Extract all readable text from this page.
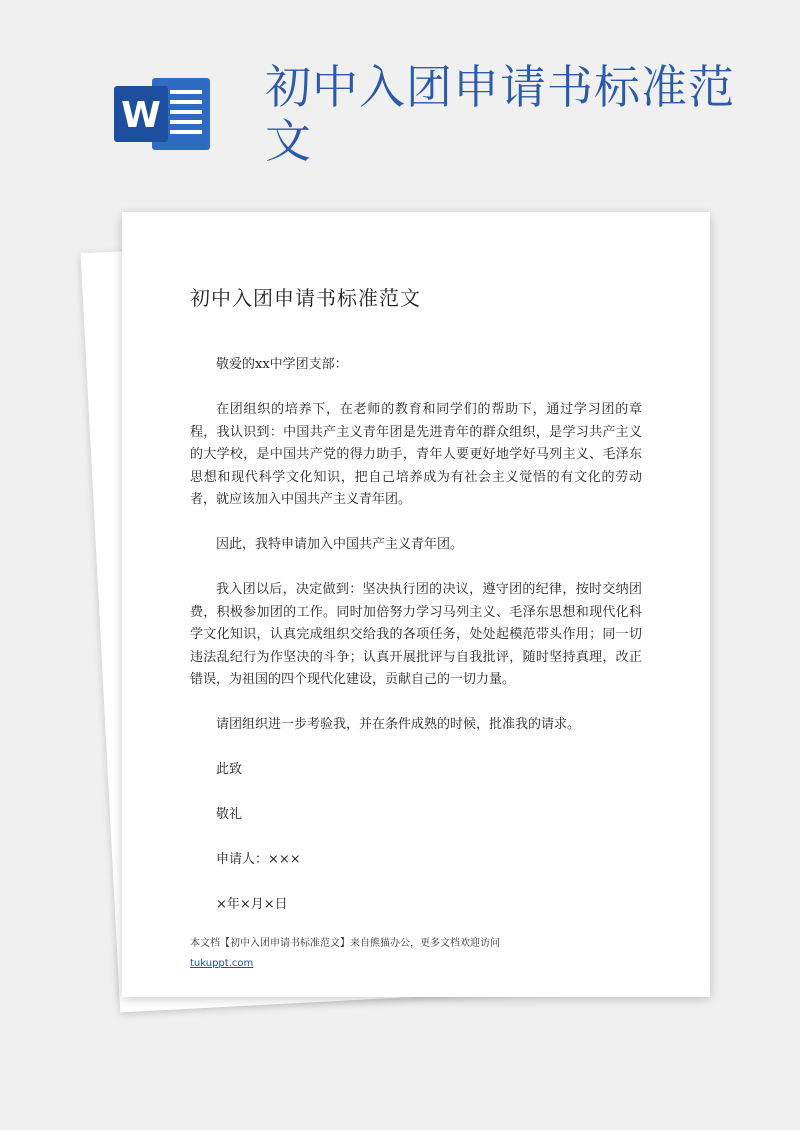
W
初中入团申请书标准范文
初中入团申请书标准范文

敬爱的xx中学团支部：

在团组织的培养下，在老师的教育和同学们的帮助下，通过学习团的章程，我认识到：中国共产主义青年团是先进青年的群众组织，是学习共产主义的大学校，是中国共产党的得力助手，青年人要更好地学好马列主义、毛泽东思想和现代科学文化知识，把自己培养成为有社会主义觉悟的有文化的劳动者，就应该加入中国共产主义青年团。

因此，我特申请加入中国共产主义青年团。

我入团以后，决定做到：坚决执行团的决议，遵守团的纪律，按时交纳团费，积极参加团的工作。同时加倍努力学习马列主义、毛泽东思想和现代化科学文化知识，认真完成组织交给我的各项任务，处处起模范带头作用；同一切违法乱纪行为作坚决的斗争；认真开展批评与自我批评，随时坚持真理，改正错误，为祖国的四个现代化建设，贡献自己的一切力量。

请团组织进一步考验我，并在条件成熟的时候，批准我的请求。

此致

敬礼

申请人：×××

×年×月×日

本文档【初中入团申请书标准范文】来自熊猫办公，更多文档欢迎访问
tukuppt.com
